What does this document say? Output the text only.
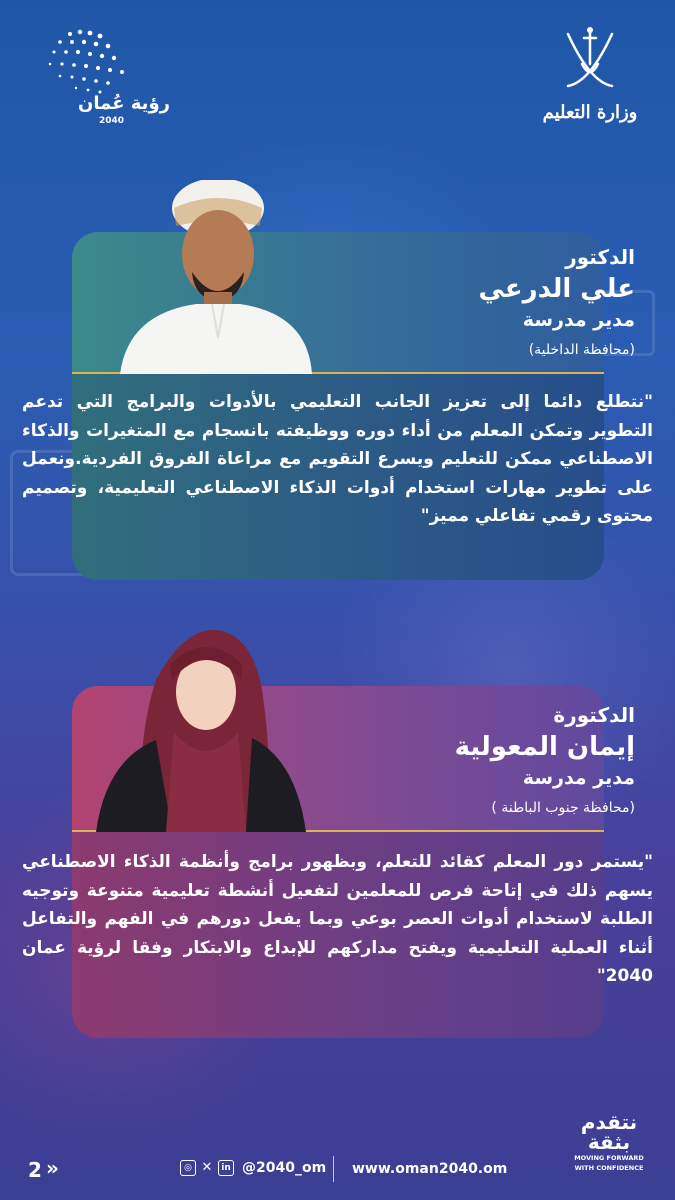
رؤية عُمان
2040	وزارة التعليم
الدكتور
علي الدرعي
مدير مدرسة
(محافظة الداخلية)
"نتطلع دائما إلى تعزيز الجانب التعليمي بالأدوات والبرامج التي تدعم التطوير وتمكن المعلم من أداء دوره ووظيفته بانسجام مع المتغيرات والذكاء الاصطناعي ممكن للتعليم ويسرع التقويم مع مراعاة الفروق الفردية.ونعمل على تطوير مهارات استخدام أدوات الذكاء الاصطناعي التعليمية، وتصميم محتوى رقمي تفاعلي مميز"
الدكتورة
إيمان المعولية
مدير مدرسة
(محافظة جنوب الباطنة )
"يستمر دور المعلم كقائد للتعلم، وبظهور برامج وأنظمة الذكاء الاصطناعي يسهم ذلك في إتاحة فرص للمعلمين لتفعيل أنشطة تعليمية متنوعة وتوجيه الطلبة لاستخدام أدوات العصر بوعي وبما يفعل دورهم في الفهم والتفاعل أثناء العملية التعليمية ويفتح مداركهم للإبداع والابتكار وفقا لرؤية عمان 2040"
نتقدم بثقة
MOVING FORWARD
WITH CONFIDENCE
2 »	◎ ✕ in @2040_om www.oman2040.om
